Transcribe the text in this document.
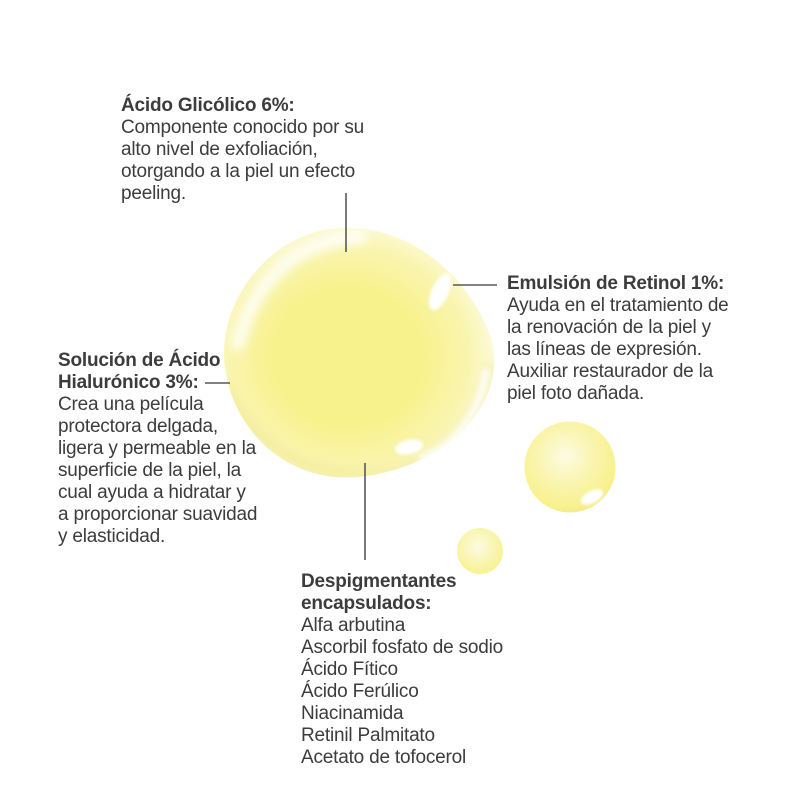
Ácido Glicólico 6%:
Componente conocido por su
alto nivel de exfoliación,
otorgando a la piel un efecto
peeling.
Emulsión de Retinol 1%:
Ayuda en el tratamiento de
la renovación de la piel y
las líneas de expresión.
Auxiliar restaurador de la
piel foto dañada.
Solución de Ácido
Hialurónico 3%:
Crea una película
protectora delgada,
ligera y permeable en la
superficie de la piel, la
cual ayuda a hidratar y
a proporcionar suavidad
y elasticidad.
Despigmentantes
encapsulados:
Alfa arbutina
Ascorbil fosfato de sodio
Ácido Fítico
Ácido Ferúlico
Niacinamida
Retinil Palmitato
Acetato de tofocerol
